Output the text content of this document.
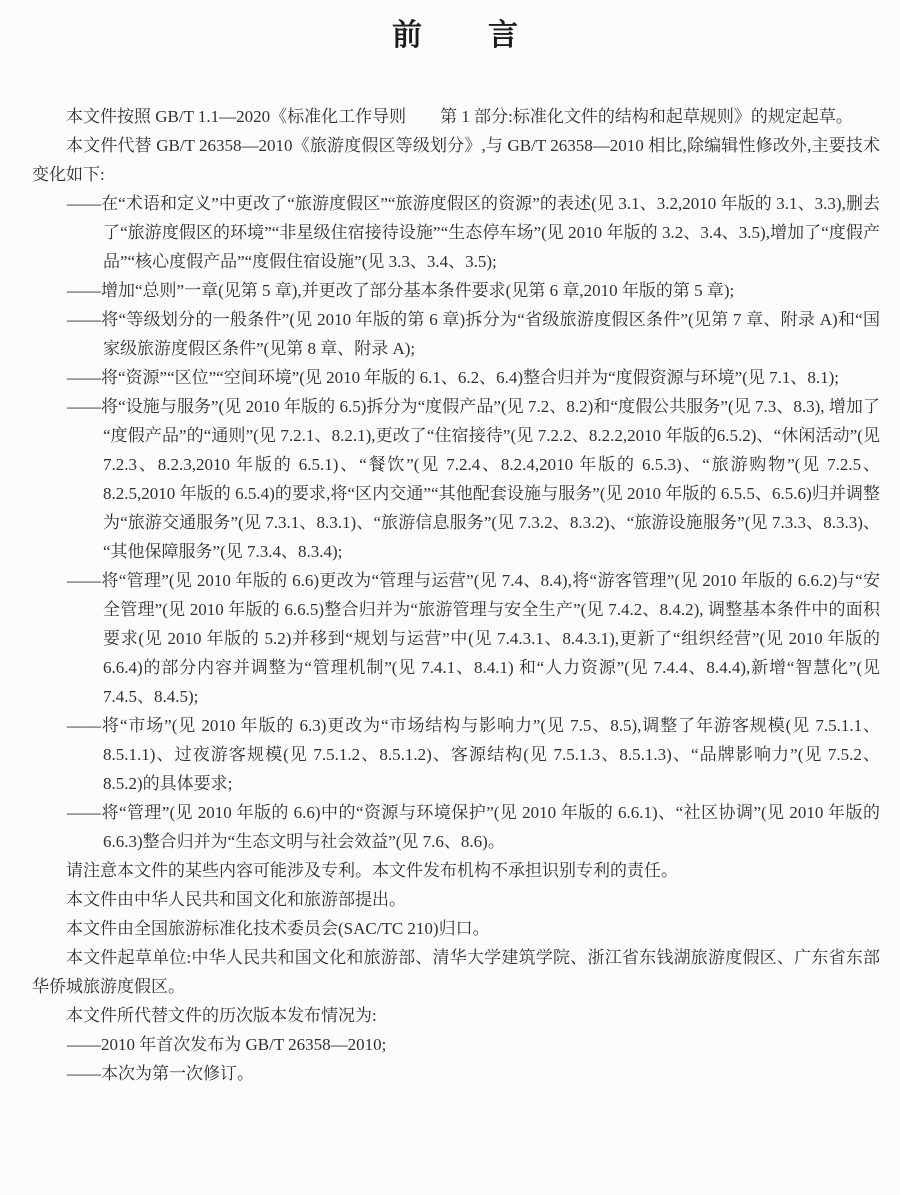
前　　言
本文件按照 GB/T 1.1—2020《标准化工作导则　　第 1 部分:标准化文件的结构和起草规则》的规定起草。
本文件代替 GB/T 26358—2010《旅游度假区等级划分》,与 GB/T 26358—2010 相比,除编辑性修改外,主要技术变化如下:
——在“术语和定义”中更改了“旅游度假区”“旅游度假区的资源”的表述(见 3.1、3.2,2010 年版的 3.1、3.3),删去了“旅游度假区的环境”“非星级住宿接待设施”“生态停车场”(见 2010 年版的 3.2、3.4、3.5),增加了“度假产品”“核心度假产品”“度假住宿设施”(见 3.3、3.4、3.5);
——增加“总则”一章(见第 5 章),并更改了部分基本条件要求(见第 6 章,2010 年版的第 5 章);
——将“等级划分的一般条件”(见 2010 年版的第 6 章)拆分为“省级旅游度假区条件”(见第 7 章、附录 A)和“国家级旅游度假区条件”(见第 8 章、附录 A);
——将“资源”“区位”“空间环境”(见 2010 年版的 6.1、6.2、6.4)整合归并为“度假资源与环境”(见 7.1、8.1);
——将“设施与服务”(见 2010 年版的 6.5)拆分为“度假产品”(见 7.2、8.2)和“度假公共服务”(见 7.3、8.3), 增加了“度假产品”的“通则”(见 7.2.1、8.2.1),更改了“住宿接待”(见 7.2.2、8.2.2,2010 年版的6.5.2)、“休闲活动”(见 7.2.3、8.2.3,2010 年版的 6.5.1)、“餐饮”(见 7.2.4、8.2.4,2010 年版的 6.5.3)、“旅游购物”(见 7.2.5、8.2.5,2010 年版的 6.5.4)的要求,将“区内交通”“其他配套设施与服务”(见 2010 年版的 6.5.5、6.5.6)归并调整为“旅游交通服务”(见 7.3.1、8.3.1)、“旅游信息服务”(见 7.3.2、8.3.2)、“旅游设施服务”(见 7.3.3、8.3.3)、“其他保障服务”(见 7.3.4、8.3.4);
——将“管理”(见 2010 年版的 6.6)更改为“管理与运营”(见 7.4、8.4),将“游客管理”(见 2010 年版的 6.6.2)与“安全管理”(见 2010 年版的 6.6.5)整合归并为“旅游管理与安全生产”(见 7.4.2、8.4.2), 调整基本条件中的面积要求(见 2010 年版的 5.2)并移到“规划与运营”中(见 7.4.3.1、8.4.3.1),更新了“组织经营”(见 2010 年版的 6.6.4)的部分内容并调整为“管理机制”(见 7.4.1、8.4.1) 和“人力资源”(见 7.4.4、8.4.4),新增“智慧化”(见 7.4.5、8.4.5);
——将“市场”(见 2010 年版的 6.3)更改为“市场结构与影响力”(见 7.5、8.5),调整了年游客规模(见 7.5.1.1、8.5.1.1)、过夜游客规模(见 7.5.1.2、8.5.1.2)、客源结构(见 7.5.1.3、8.5.1.3)、“品牌影响力”(见 7.5.2、8.5.2)的具体要求;
——将“管理”(见 2010 年版的 6.6)中的“资源与环境保护”(见 2010 年版的 6.6.1)、“社区协调”(见 2010 年版的 6.6.3)整合归并为“生态文明与社会效益”(见 7.6、8.6)。
请注意本文件的某些内容可能涉及专利。本文件发布机构不承担识别专利的责任。
本文件由中华人民共和国文化和旅游部提出。
本文件由全国旅游标准化技术委员会(SAC/TC 210)归口。
本文件起草单位:中华人民共和国文化和旅游部、清华大学建筑学院、浙江省东钱湖旅游度假区、广东省东部华侨城旅游度假区。
本文件所代替文件的历次版本发布情况为:
——2010 年首次发布为 GB/T 26358—2010;
——本次为第一次修订。
